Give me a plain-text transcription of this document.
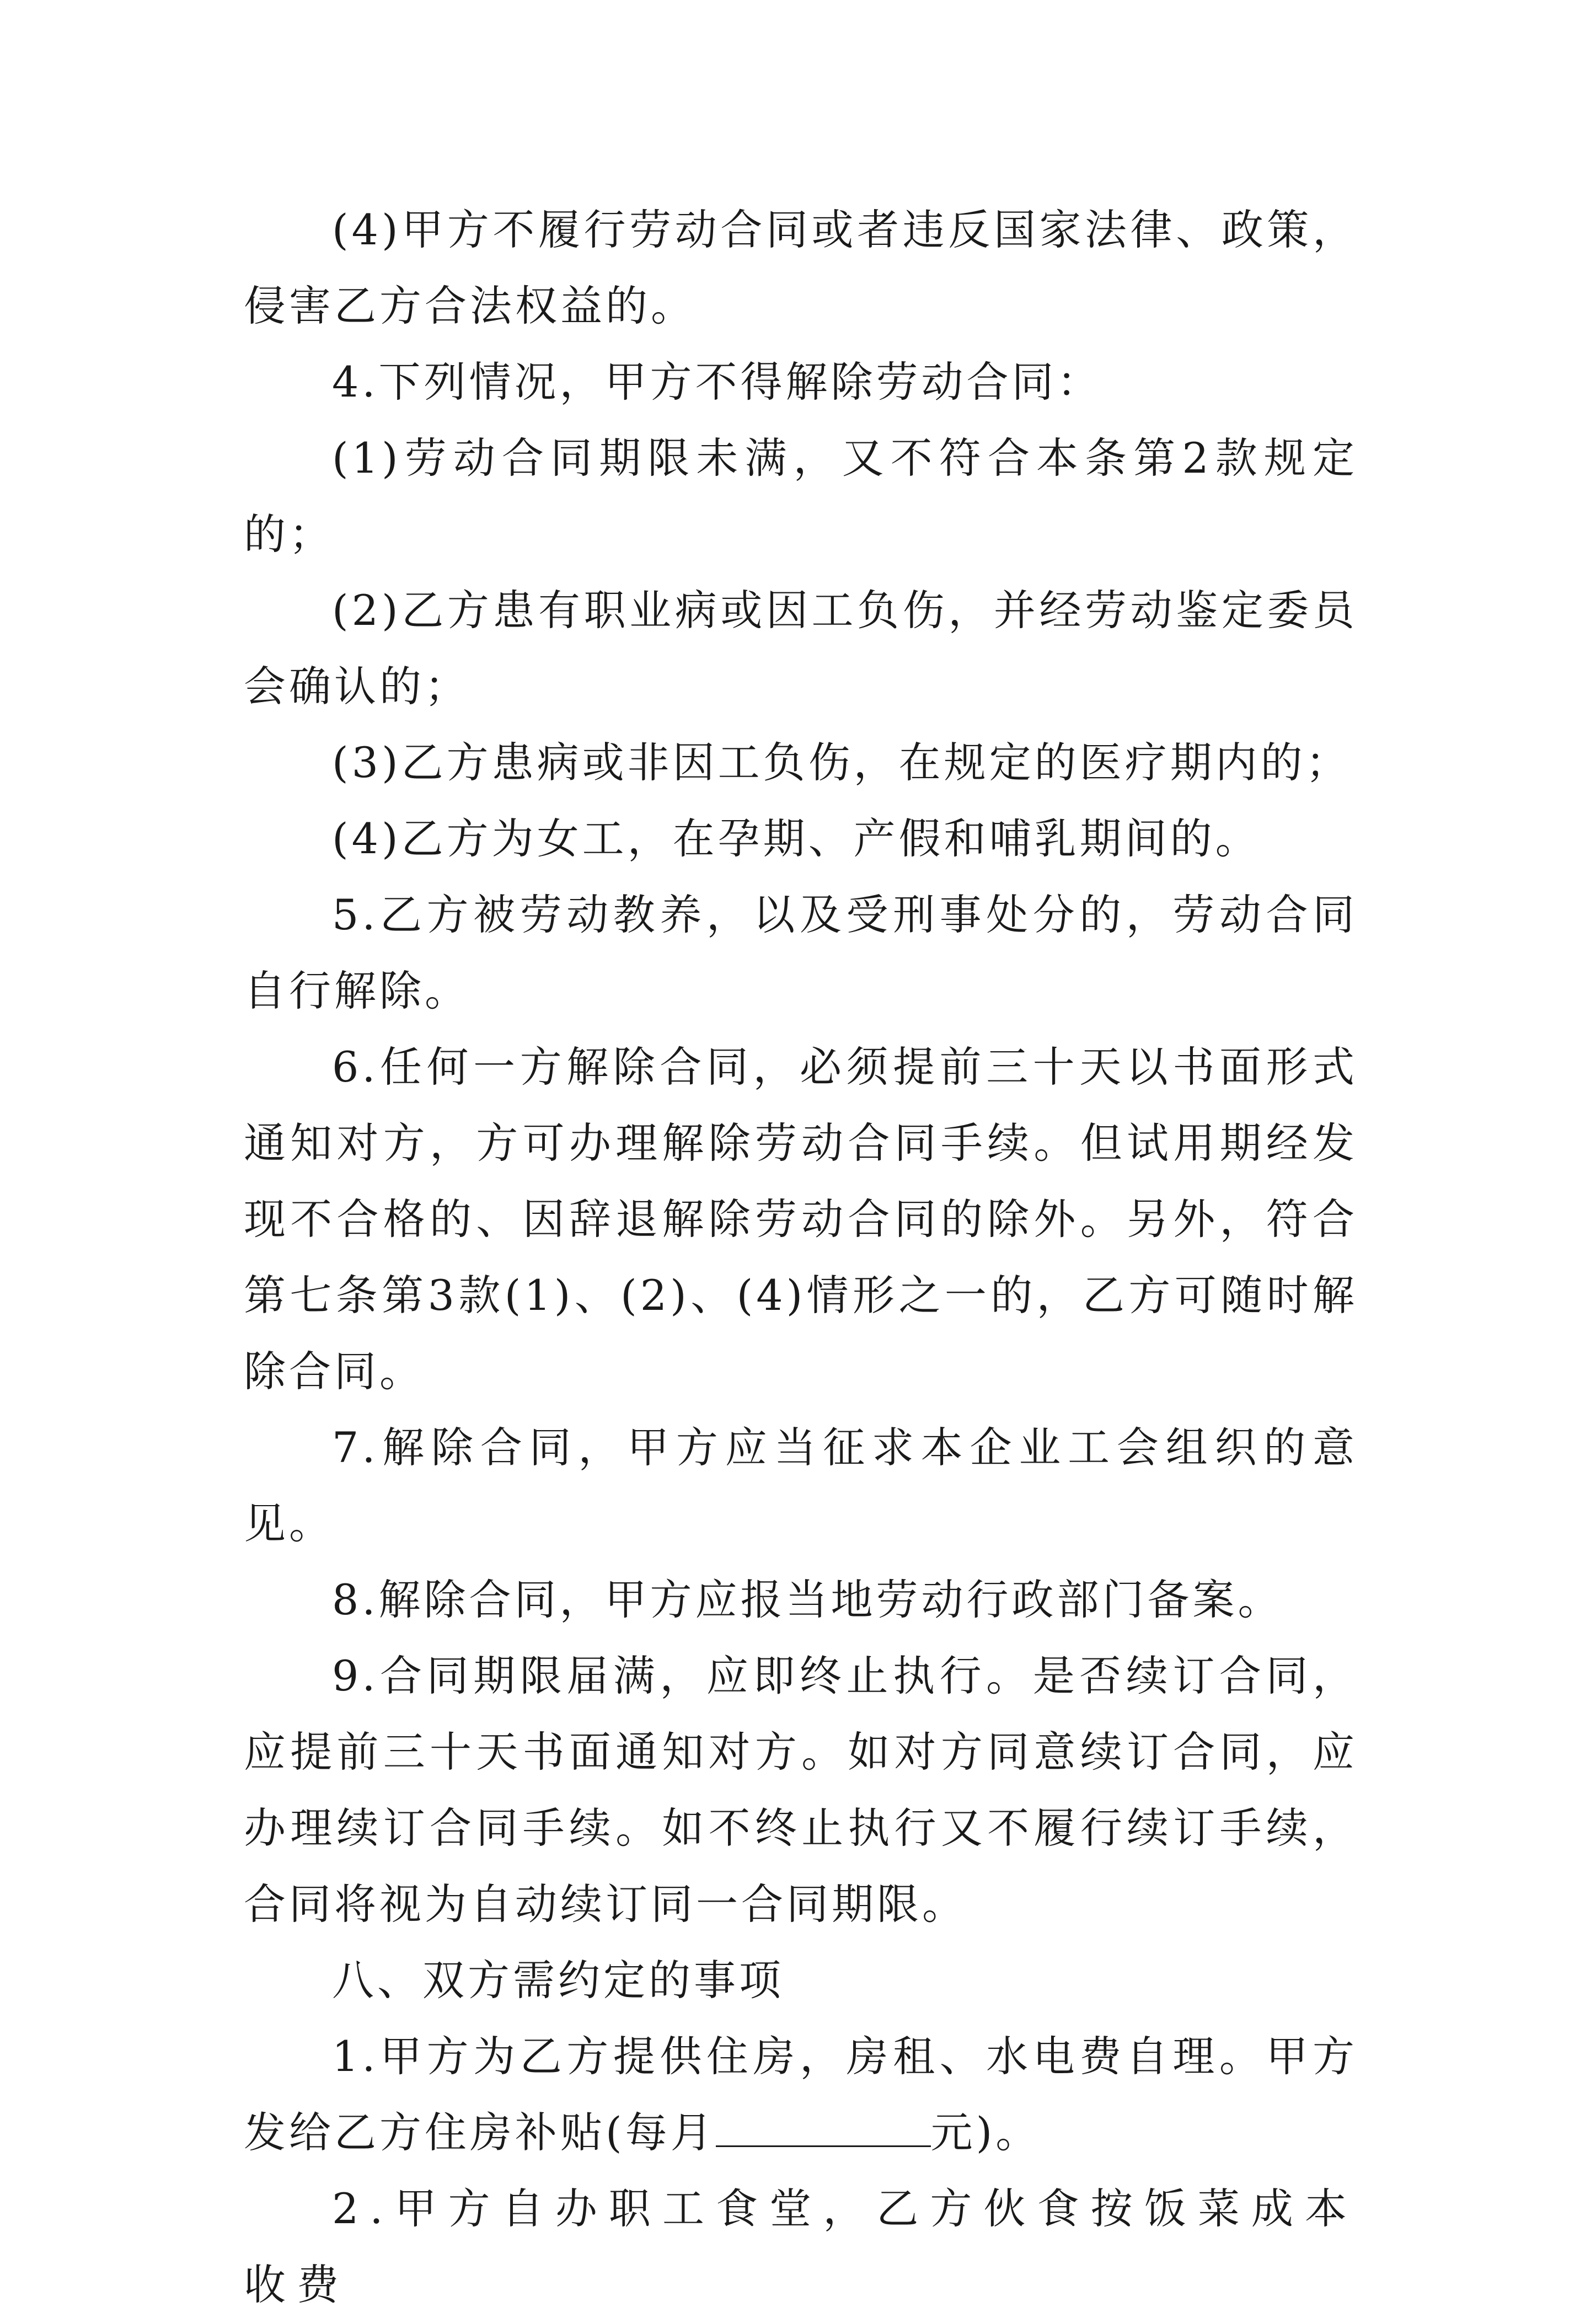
(4)甲方不履行劳动合同或者违反国家法律、政策，侵害乙方合法权益的。

4.下列情况，甲方不得解除劳动合同：

(1)劳动合同期限未满，又不符合本条第2款规定的；

(2)乙方患有职业病或因工负伤，并经劳动鉴定委员会确认的；

(3)乙方患病或非因工负伤，在规定的医疗期内的；

(4)乙方为女工，在孕期、产假和哺乳期间的。

5.乙方被劳动教养，以及受刑事处分的，劳动合同自行解除。

6.任何一方解除合同，必须提前三十天以书面形式通知对方，方可办理解除劳动合同手续。但试用期经发现不合格的、因辞退解除劳动合同的除外。另外，符合第七条第3款(1)、(2)、(4)情形之一的，乙方可随时解除合同。

7.解除合同，甲方应当征求本企业工会组织的意见。

8.解除合同，甲方应报当地劳动行政部门备案。

9.合同期限届满，应即终止执行。是否续订合同，应提前三十天书面通知对方。如对方同意续订合同，应办理续订合同手续。如不终止执行又不履行续订手续，合同将视为自动续订同一合同期限。

八、双方需约定的事项

1.甲方为乙方提供住房，房租、水电费自理。甲方发给乙方住房补贴(每月	元)。

2.甲方自办职工食堂，乙方伙食按饭菜成本收费
